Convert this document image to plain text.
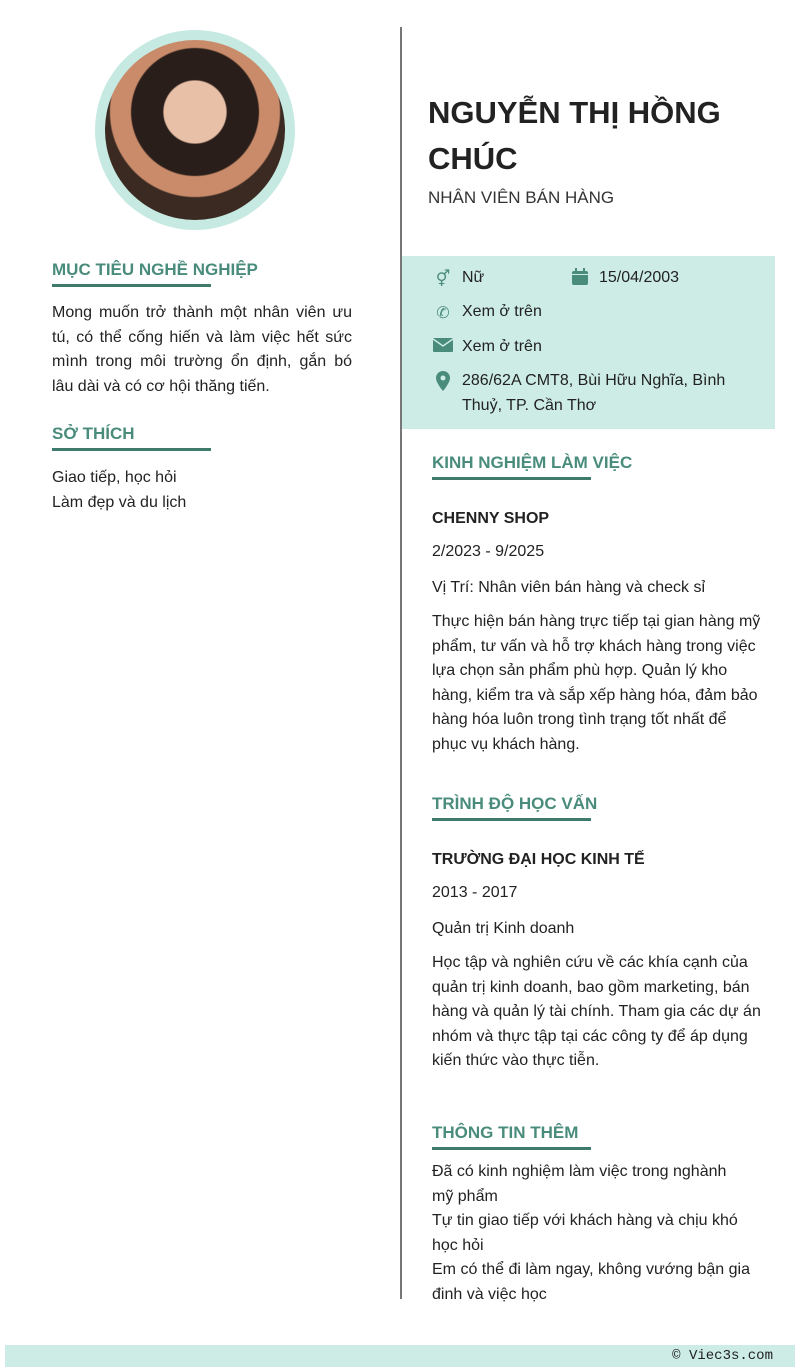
MỤC TIÊU NGHỀ NGHIỆP
Mong muốn trở thành một nhân viên ưu tú, có thể cống hiến và làm việc hết sức mình trong môi trường ổn định, gắn bó lâu dài và có cơ hội thăng tiến.
SỞ THÍCH
Giao tiếp, học hỏi
Làm đẹp và du lịch
NGUYỄN THỊ HỒNG CHÚC
NHÂN VIÊN BÁN HÀNG
⚥ Nữ	15/04/2003
✆ Xem ở trên
Xem ở trên
286/62A CMT8, Bùi Hữu Nghĩa, Bình Thuỷ, TP. Cần Thơ
KINH NGHIỆM LÀM VIỆC
CHENNY SHOP
2/2023 - 9/2025
Vị Trí: Nhân viên bán hàng và check sỉ
Thực hiện bán hàng trực tiếp tại gian hàng mỹ phẩm, tư vấn và hỗ trợ khách hàng trong việc lựa chọn sản phẩm phù hợp. Quản lý kho hàng, kiểm tra và sắp xếp hàng hóa, đảm bảo hàng hóa luôn trong tình trạng tốt nhất để phục vụ khách hàng.
TRÌNH ĐỘ HỌC VẤN
TRƯỜNG ĐẠI HỌC KINH TẾ
2013 - 2017
Quản trị Kinh doanh
Học tập và nghiên cứu về các khía cạnh của quản trị kinh doanh, bao gồm marketing, bán hàng và quản lý tài chính. Tham gia các dự án nhóm và thực tập tại các công ty để áp dụng kiến thức vào thực tiễn.
THÔNG TIN THÊM
Đã có kinh nghiệm làm việc trong nghành mỹ phẩm
Tự tin giao tiếp với khách hàng và chịu khó học hỏi
Em có thể đi làm ngay, không vướng bận gia đinh và việc học
© Viec3s.com
